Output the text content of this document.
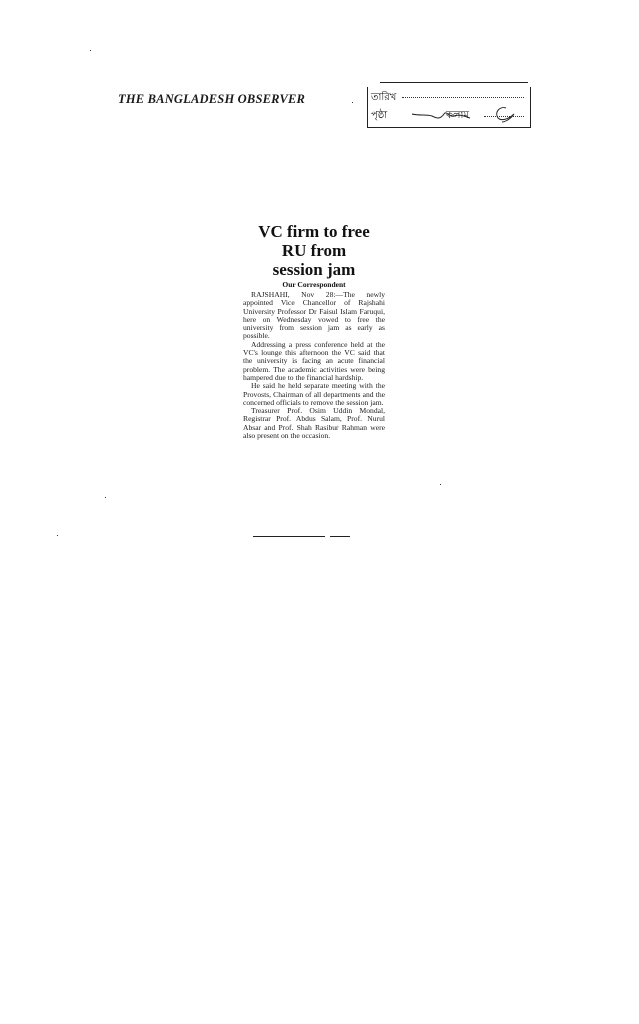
THE BANGLADESH OBSERVER	তারিখ
পৃষ্ঠা	কলাম
VC firm to free
RU from
session jam
Our Correspondent

RAJSHAHI, Nov 28:—The newly appointed Vice Chancellor of Rajshahi University Professor Dr Faisul Islam Faruqui, here on Wednesday vowed to free the university from session jam as early as possible.

Addressing a press conference held at the VC's lounge this afternoon the VC said that the university is facing an acute financial problem. The academic activities were being hampered due to the financial hardship.

He said he held separate meeting with the Provosts, Chairman of all departments and the concerned officials to remove the session jam.

Treasurer Prof. Osim Uddin Mondal, Registrar Prof. Abdus Salam, Prof. Nurul Absar and Prof. Shah Rasibur Rahman were also present on the occasion.
